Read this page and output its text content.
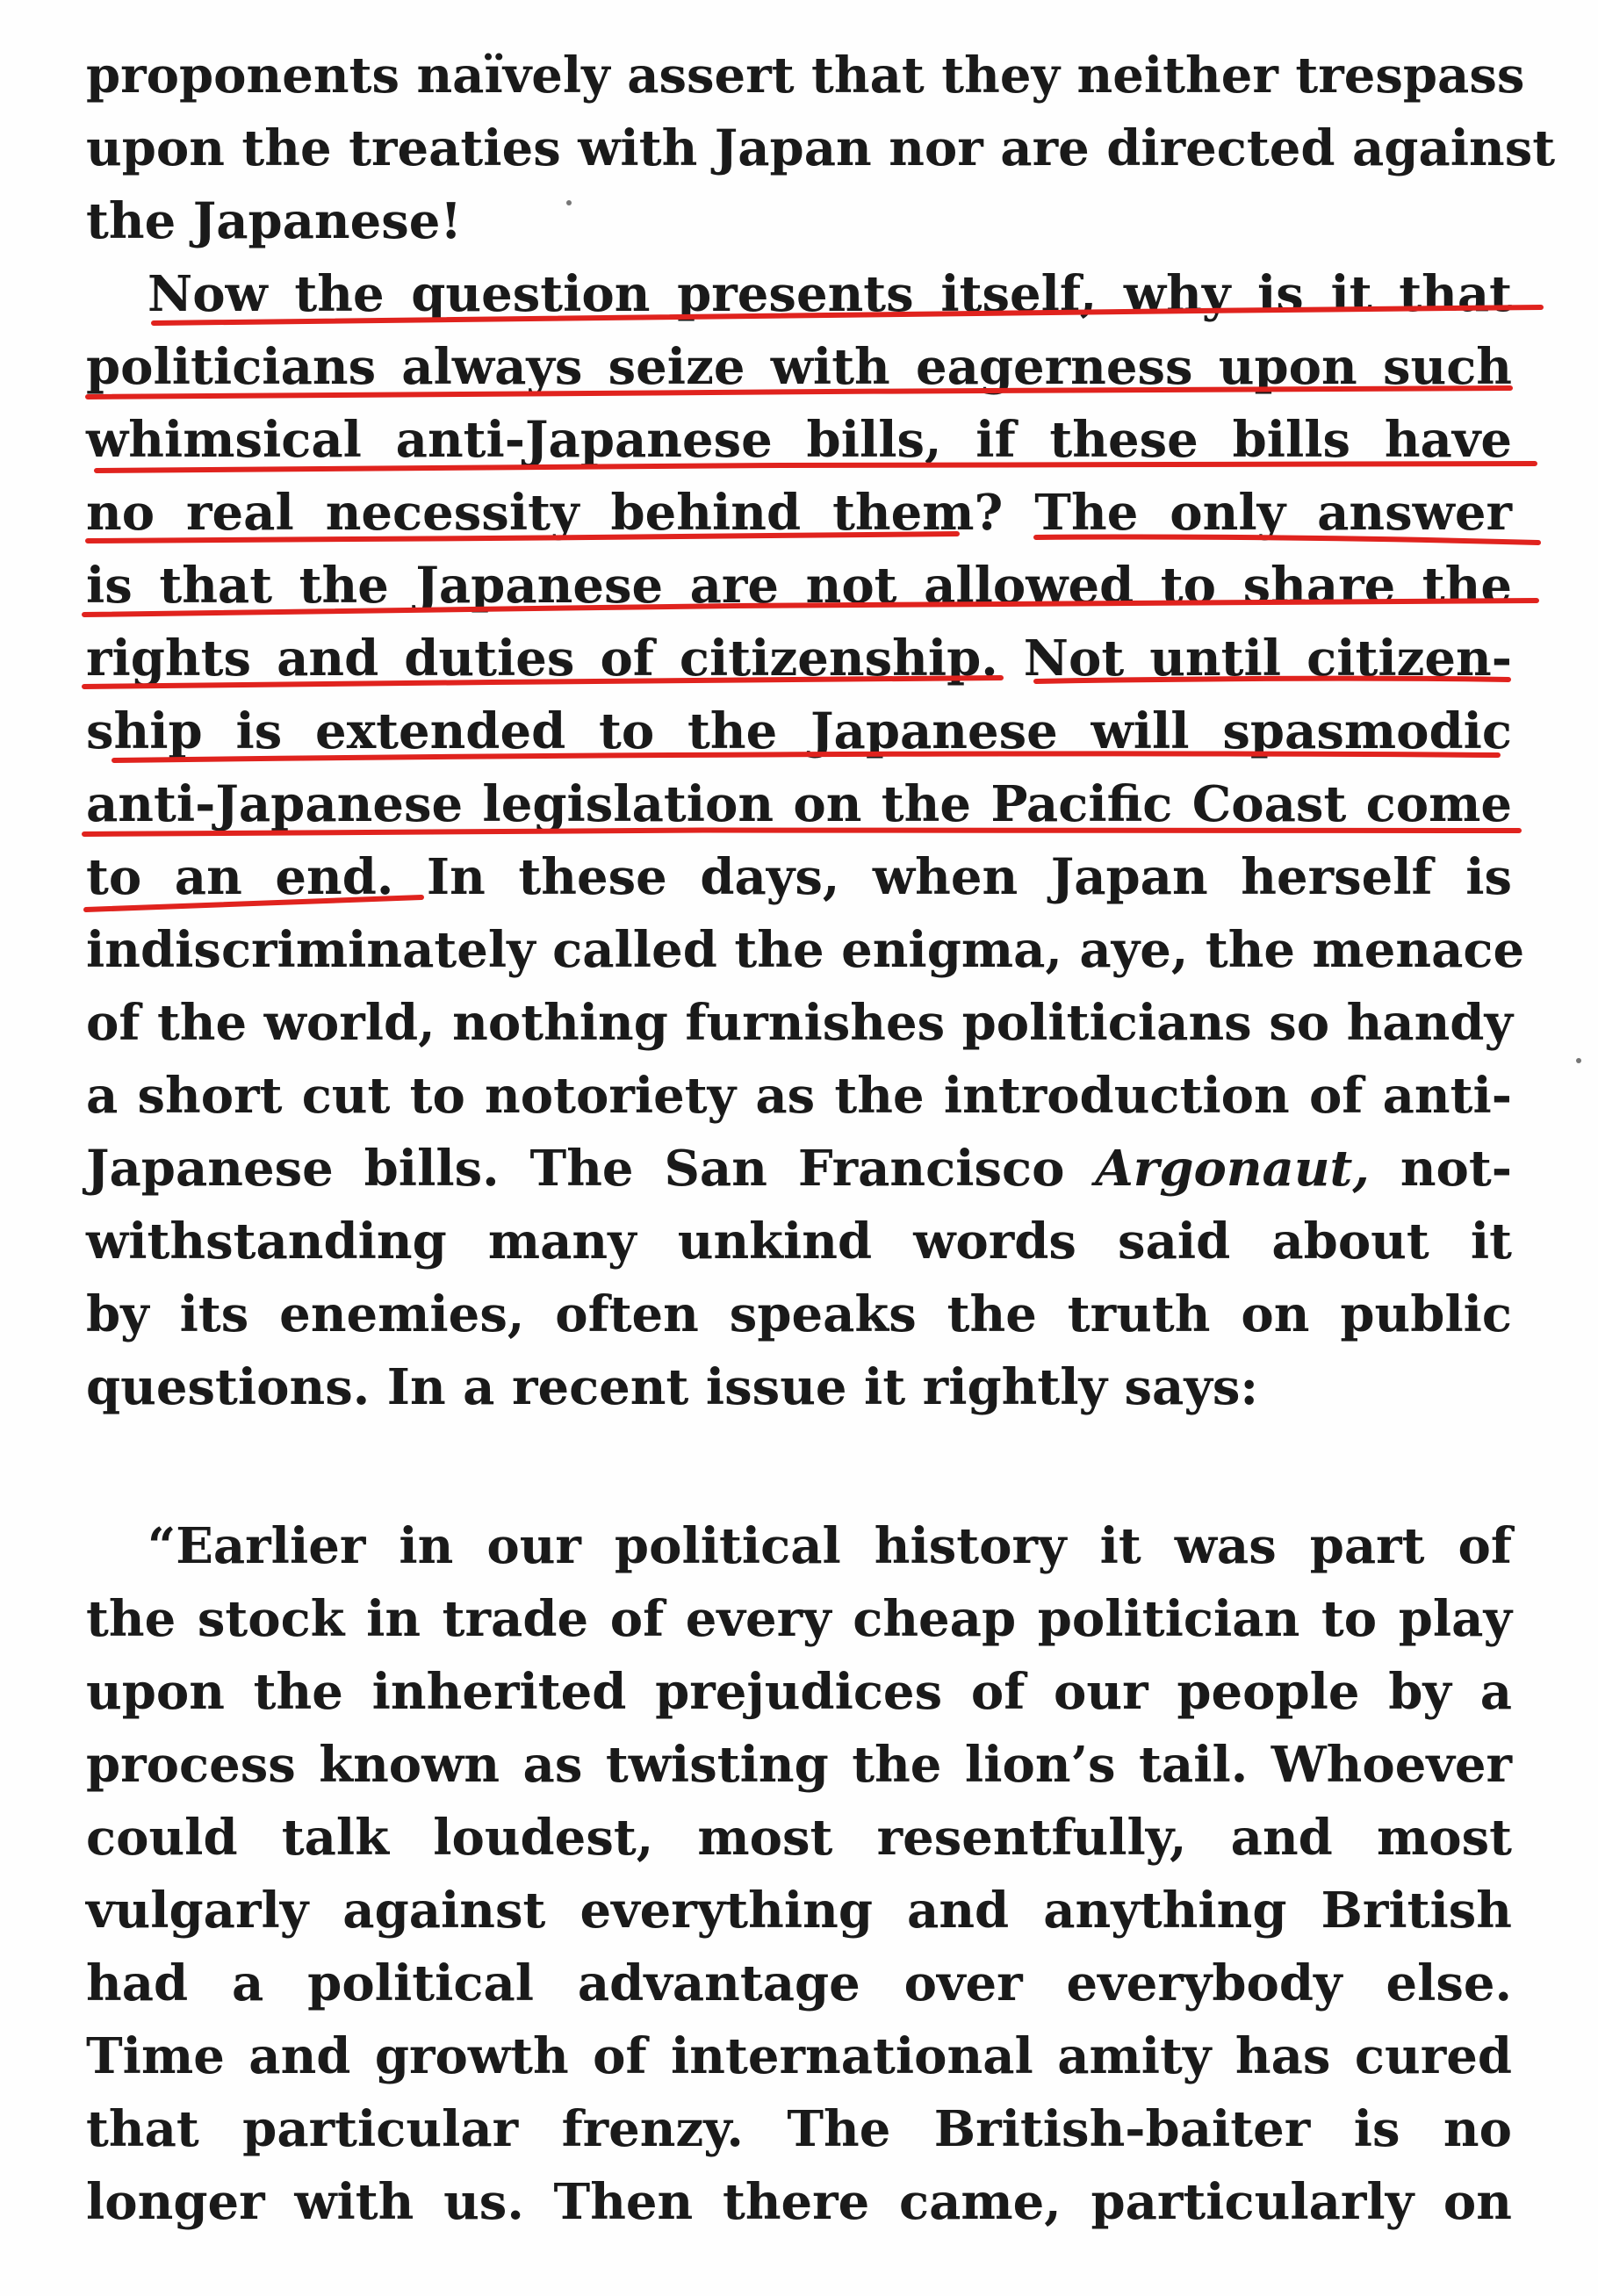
proponents naïvely assert that they neither trespass
upon the treaties with Japan nor are directed against
the Japanese!
Now the question presents itself, why is it that
politicians always seize with eagerness upon such
whimsical anti-Japanese bills, if these bills have
no real necessity behind them? The only answer
is that the Japanese are not allowed to share the
rights and duties of citizenship. Not until citizen-
ship is extended to the Japanese will spasmodic
anti-Japanese legislation on the Pacific Coast come
to an end. In these days, when Japan herself is
indiscriminately called the enigma, aye, the menace
of the world, nothing furnishes politicians so handy
a short cut to notoriety as the introduction of anti-
Japanese bills. The San Francisco Argonaut, not-
withstanding many unkind words said about it
by its enemies, often speaks the truth on public
questions. In a recent issue it rightly says:
“Earlier in our political history it was part of
the stock in trade of every cheap politician to play
upon the inherited prejudices of our people by a
process known as twisting the lion’s tail. Whoever
could talk loudest, most resentfully, and most
vulgarly against everything and anything British
had a political advantage over everybody else.
Time and growth of international amity has cured
that particular frenzy. The British-baiter is no
longer with us. Then there came, particularly on
